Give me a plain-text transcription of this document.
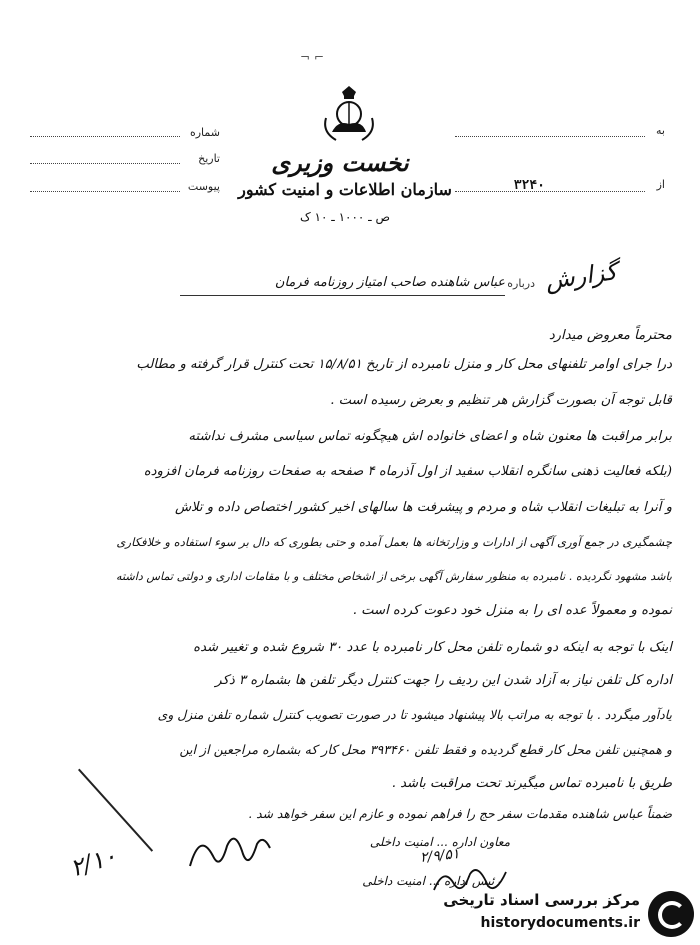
¬ ⌐
نخست وزیری
سازمان اطلاعات و امنیت کشور
ص ـ ۱۰۰۰ ـ ۱۰ ک
به
از
۳۲۴۰
شماره
تاریخ
پیوست
گزارش
درباره
عباس شاهنده صاحب امتیاز روزنامه فرمان
محترماً معروض میدارد
درا جرای اوامر تلفنهای محل کار و منزل نامبرده از تاریخ ۱۵/۸/۵۱ تحت کنترل قرار گرفته و مطالب
قابل توجه آن بصورت گزارش هر تنظیم و بعرض رسیده است .
برابر مراقبت ها معنون شاه و اعضای خانواده اش هیچگونه تماس سیاسی مشرف نداشته
(بلکه فعالیت ذهنی سانگره انقلاب سفید از اول آذرماه ۴ صفحه به صفحات روزنامه فرمان افزوده
و آنرا به تبلیغات انقلاب شاه و مردم و پیشرفت ها سالهای اخیر کشور اختصاص داده و تلاش
چشمگیری در جمع آوری آگهی از ادارات و وزارتخانه ها بعمل آمده و حتی بطوری که دال بر سوء استفاده و خلافکاری
باشد مشهود نگردیده . نامبرده به منظور سفارش آگهی برخی از اشخاص مختلف و با مقامات اداری و دولتی تماس داشته
نموده و معمولاً عده ای را به منزل خود دعوت کرده است .
اینک با توجه به اینکه دو شماره تلفن محل کار نامبرده با عدد ۳۰ شروع شده و تغییر شده
اداره کل تلفن نیاز به آزاد شدن این ردیف را جهت کنترل دیگر تلفن ها بشماره ۳ ذکر
یادآور میگردد . با توجه به مراتب بالا پیشنهاد میشود تا در صورت تصویب کنترل شماره تلفن منزل وی
و همچنین تلفن محل کار قطع گردیده و فقط تلفن ۳۹۳۴۶۰ محل کار که بشماره مراجعین از این
طریق با نامبرده تماس میگیرند تحت مراقبت باشد .
ضمناً عباس شاهنده مقدمات سفر حج را فراهم نموده و عازم این سفر خواهد شد .
معاون اداره ... امنیت داخلی
رئیس اداره ... امنیت داخلی
۲/۹/۵۱
۲/۱۰
مرکز بررسی اسناد تاریخی
historydocuments.ir
